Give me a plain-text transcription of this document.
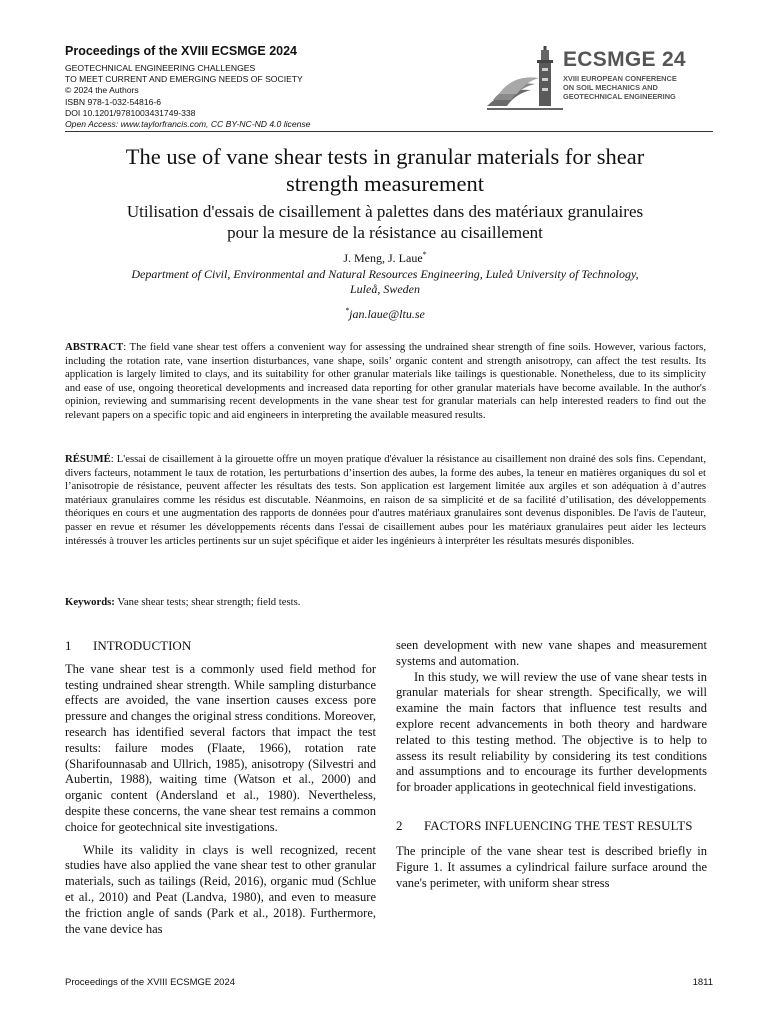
Proceedings of the XVIII ECSMGE 2024
GEOTECHNICAL ENGINEERING CHALLENGES
TO MEET CURRENT AND EMERGING NEEDS OF SOCIETY
© 2024 the Authors
ISBN 978-1-032-54816-6
DOI 10.1201/9781003431749-338
Open Access: www.taylorfrancis.com, CC BY-NC-ND 4.0 license
ECSMGE 24
XVIII EUROPEAN CONFERENCE
ON SOIL MECHANICS AND
GEOTECHNICAL ENGINEERING
The use of vane shear tests in granular materials for shear
strength measurement
Utilisation d'essais de cisaillement à palettes dans des matériaux granulaires
pour la mesure de la résistance au cisaillement
J. Meng, J. Laue*
Department of Civil, Environmental and Natural Resources Engineering, Luleå University of Technology,
Luleå, Sweden
*jan.laue@ltu.se
ABSTRACT: The field vane shear test offers a convenient way for assessing the undrained shear strength of fine soils. However, various factors, including the rotation rate, vane insertion disturbances, vane shape, soils’ organic content and strength anisotropy, can affect the test results. Its application is largely limited to clays, and its suitability for other granular materials like tailings is questionable. Nonetheless, due to its simplicity and ease of use, ongoing theoretical developments and increased data reporting for other granular materials have become available. In the author's opinion, reviewing and summarising recent developments in the vane shear test for granular materials can help interested readers to find out the relevant papers on a specific topic and aid engineers in interpreting the available measured results.
RÉSUMÉ: L'essai de cisaillement à la girouette offre un moyen pratique d'évaluer la résistance au cisaillement non drainé des sols fins. Cependant, divers facteurs, notamment le taux de rotation, les perturbations d’insertion des aubes, la forme des aubes, la teneur en matières organiques du sol et l’anisotropie de résistance, peuvent affecter les résultats des tests. Son application est largement limitée aux argiles et son adéquation à d’autres matériaux granulaires comme les résidus est discutable. Néanmoins, en raison de sa simplicité et de sa facilité d’utilisation, des développements théoriques en cours et une augmentation des rapports de données pour d'autres matériaux granulaires sont devenus disponibles. De l'avis de l'auteur, passer en revue et résumer les développements récents dans l'essai de cisaillement aubes pour les matériaux granulaires peut aider les lecteurs intéressés à trouver les articles pertinents sur un sujet spécifique et aider les ingénieurs à interpréter les résultats mesurés disponibles.
Keywords: Vane shear tests; shear strength; field tests.
1 INTRODUCTION

The vane shear test is a commonly used field method for testing undrained shear strength. While sampling disturbance effects are avoided, the vane insertion causes excess pore pressure and changes the original stress conditions. Moreover, research has identified several factors that impact the test results: failure modes (Flaate, 1966), rotation rate (Sharifounnasab and Ullrich, 1985), anisotropy (Silvestri and Aubertin, 1988), waiting time (Watson et al., 2000) and organic content (Andersland et al., 1980). Nevertheless, despite these concerns, the vane shear test remains a common choice for geotechnical site investigations.

While its validity in clays is well recognized, recent studies have also applied the vane shear test to other granular materials, such as tailings (Reid, 2016), organic mud (Schlue et al., 2010) and Peat (Landva, 1980), and even to measure the friction angle of sands (Park et al., 2018). Furthermore, the vane device has

seen development with new vane shapes and measurement systems and automation.

In this study, we will review the use of vane shear tests in granular materials for shear strength. Specifically, we will examine the main factors that influence test results and explore recent advancements in both theory and hardware related to this testing method. The objective is to help to assess its result reliability by considering its test conditions and assumptions and to encourage its further developments for broader applications in geotechnical field investigations.

2	FACTORS INFLUENCING THE TEST RESULTS

The principle of the vane shear test is described briefly in Figure 1. It assumes a cylindrical failure surface around the vane's perimeter, with uniform shear stress

Proceedings of the XVIII ECSMGE 2024	1811
